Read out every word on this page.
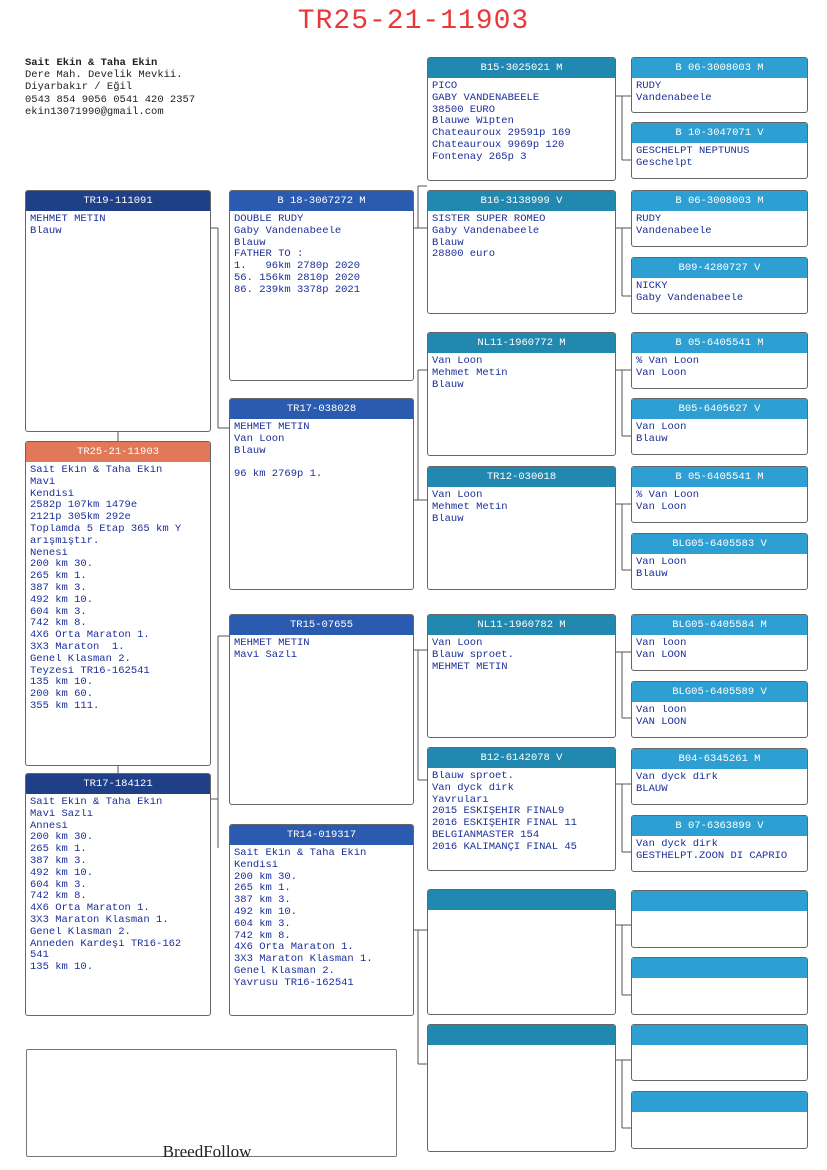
TR25-21-11903
Sait Ekin & Taha Ekin
Dere Mah. Develik Mevkii.
Diyarbakır / Eğil
0543 854 9056 0541 420 2357
ekin13071990@gmail.com
TR19-111091
MEHMET METİN
Blauw
TR25-21-11903
Sait Ekin & Taha Ekin
Mavi
Kendisi
2582p 107km 1479e
2121p 305km 292e
Toplamda 5 Etap 365 km Y
arışmıştır.
Nenesi
200 km 30.
265 km 1.
387 km 3.
492 km 10.
604 km 3.
742 km 8.
4X6 Orta Maraton 1.
3X3 Maraton  1.
Genel Klasman 2.
Teyzesi TR16-162541
135 km 10.
200 km 60.
355 km 111.
TR17-184121
Sait Ekin & Taha Ekin
Mavi Sazlı
Annesi
200 km 30.
265 km 1.
387 km 3.
492 km 10.
604 km 3.
742 km 8.
4X6 Orta Maraton 1.
3X3 Maraton Klasman 1.
Genel Klasman 2.
Anneden Kardeşi TR16-162
541
135 km 10.
B 18-3067272 M
DOUBLE RUDY
Gaby Vandenabeele
Blauw
FATHER TO :
1.   96km 2780p 2020
56. 156km 2810p 2020
86. 239km 3378p 2021
TR17-038028
MEHMET METİN
Van Loon
Blauw
96 km 2769p 1.
TR15-07655
MEHMET METİN
Mavi Sazlı
TR14-019317
Sait Ekin & Taha Ekin
Kendisi
200 km 30.
265 km 1.
387 km 3.
492 km 10.
604 km 3.
742 km 8.
4X6 Orta Maraton 1.
3X3 Maraton Klasman 1.
Genel Klasman 2.
Yavrusu TR16-162541
B15-3025021 M
PICO
GABY VANDENABEELE
38500 EURO
Blauwe Wipten
Chateauroux 29591p 169
Chateauroux 9969p 120
Fontenay 265p 3
B16-3138999 V
SISTER SUPER ROMEO
Gaby Vandenabeele
Blauw
28800 euro
NL11-1960772 M
Van Loon
Mehmet Metin
Blauw
TR12-030018
Van Loon
Mehmet Metin
Blauw
NL11-1960782 M
Van Loon
Blauw sproet.
MEHMET METİN
B12-6142078 V
Blauw sproet.
Van dyck dirk
Yavruları
2015 ESKİŞEHİR FİNAL9
2016 ESKİŞEHİR FİNAL 11
BELGİANMASTER 154
2016 KALİMANÇİ FİNAL 45
B 06-3008003 M
RUDY
Vandenabeele
B 10-3047071 V
GESCHELPT NEPTUNUS
Geschelpt
B 06-3008003 M
RUDY
Vandenabeele
B09-4280727 V
NICKY
Gaby Vandenabeele
B 05-6405541 M
% Van Loon
Van Loon
B05-6405627 V
Van Loon
Blauw
B 05-6405541 M
% Van Loon
Van Loon
BLG05-6405583 V
Van Loon
Blauw
BLG05-6405584 M
Van loon
Van LOON
BLG05-6405589 V
Van loon
VAN LOON
B04-6345261 M
Van dyck dirk
BLAUW
B 07-6363899 V
Van dyck dirk
GESTHELPT.ZOON DI CAPRIO
BreedFollow
